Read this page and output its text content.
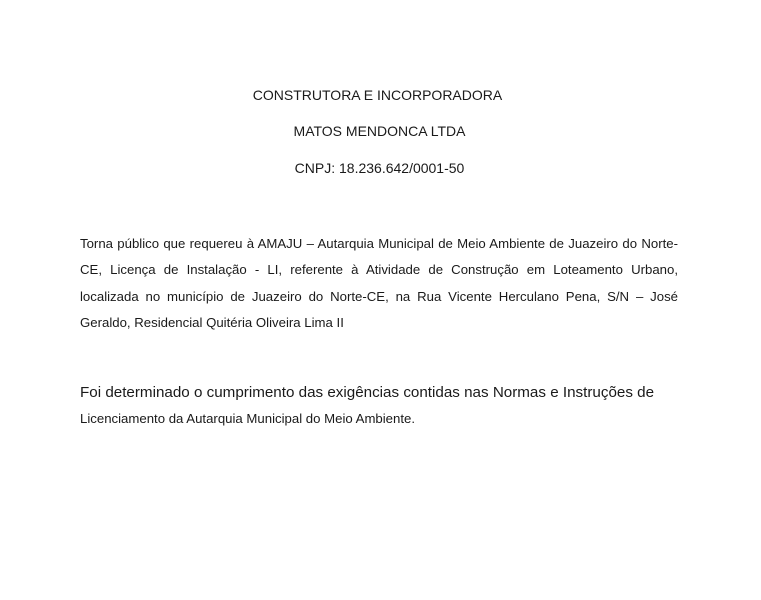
CONSTRUTORA E INCORPORADORA
MATOS MENDONCA LTDA
CNPJ: 18.236.642/0001-50

Torna público que requereu à AMAJU – Autarquia Municipal de Meio Ambiente de Juazeiro do Norte-CE, Licença de Instalação - LI, referente à Atividade de Construção em Loteamento Urbano, localizada no município de Juazeiro do Norte-CE, na Rua Vicente Herculano Pena, S/N – José Geraldo, Residencial Quitéria Oliveira Lima II

Foi determinado o cumprimento das exigências contidas nas Normas e Instruções de
Licenciamento da Autarquia Municipal do Meio Ambiente.
